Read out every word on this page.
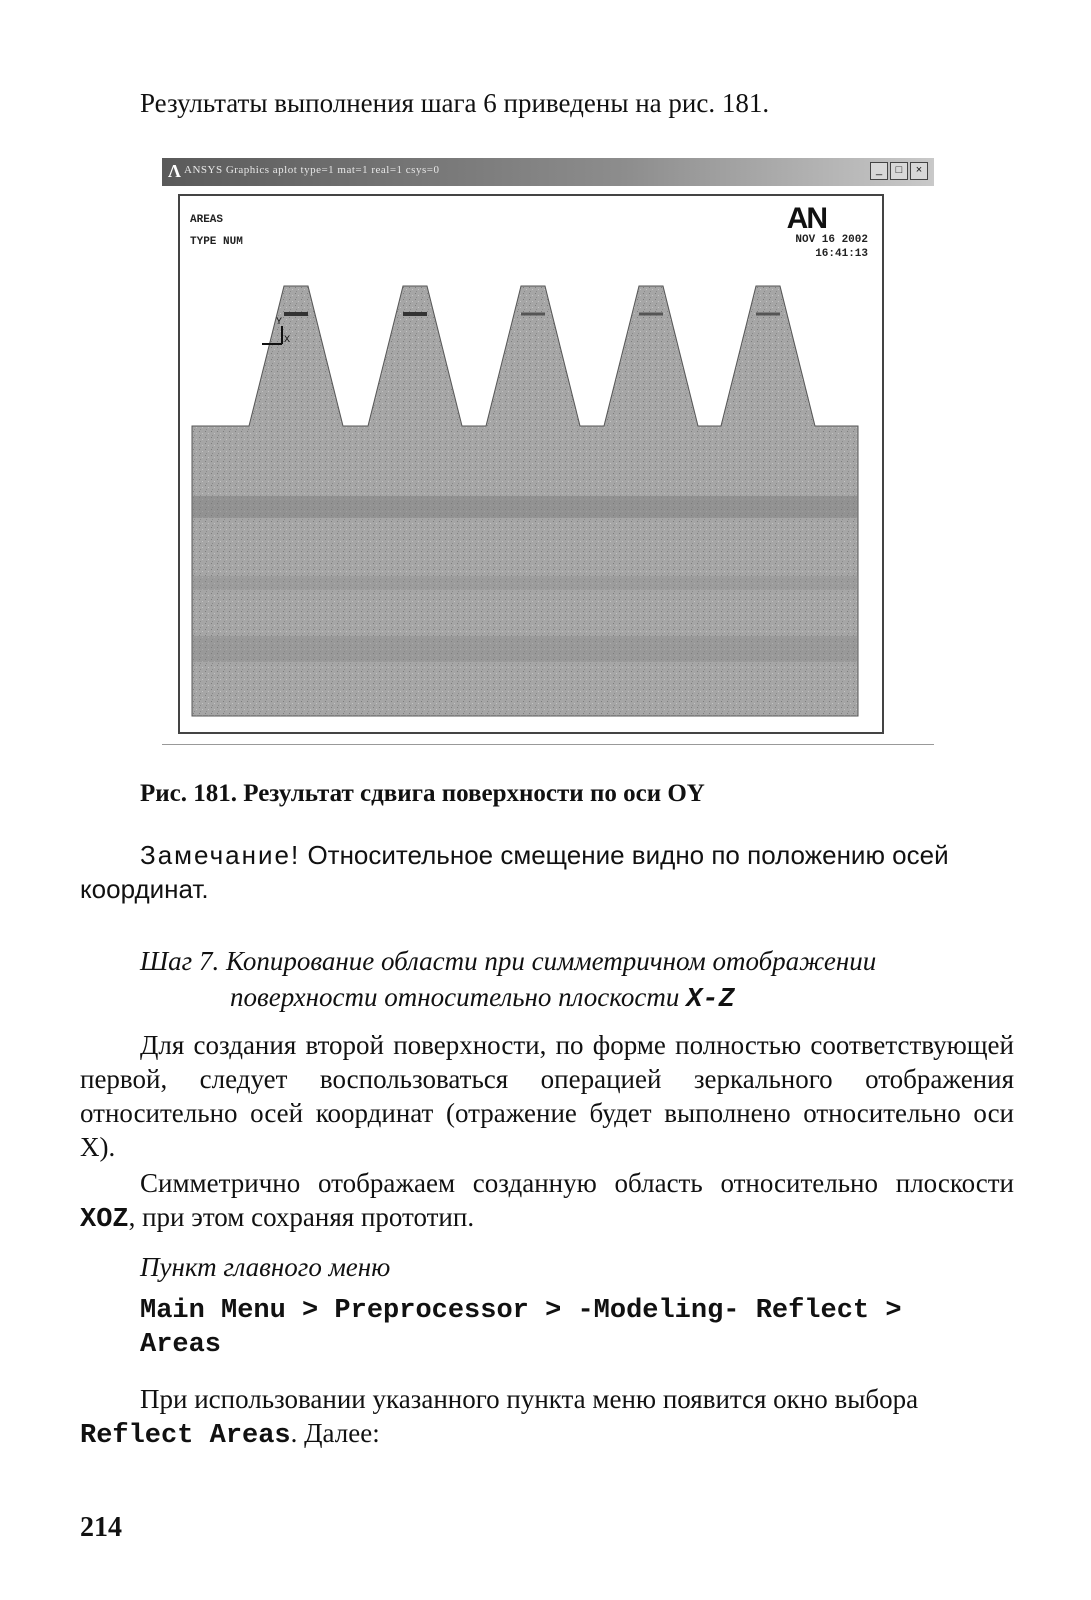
Результаты выполнения шага 6 приведены на рис. 181.
Λ ANSYS Graphics aplot type=1 mat=1 real=1 csys=0	_	□	×
AREAS
TYPE NUM
AN
NOV 16 2002
16:41:13
Y
X
Рис. 181. Результат сдвига поверхности по оси OY
Замечание! Относительное смещение видно по положению осей координат.
Шаг 7. Копирование области при симметричном отображении
поверхности относительно плоскости X-Z
Для создания второй поверхности, по форме полностью соответствующей первой, следует воспользоваться операцией зеркального отображения относительно осей координат (отражение будет выполнено относительно оси X).
Симметрично отображаем созданную область относительно плоскости XOZ, при этом сохраняя прототип.
Пункт главного меню
Main Menu > Preprocessor > -Modeling- Reflect >
Areas
При использовании указанного пункта меню появится окно выбора Reflect Areas. Далее:
214
